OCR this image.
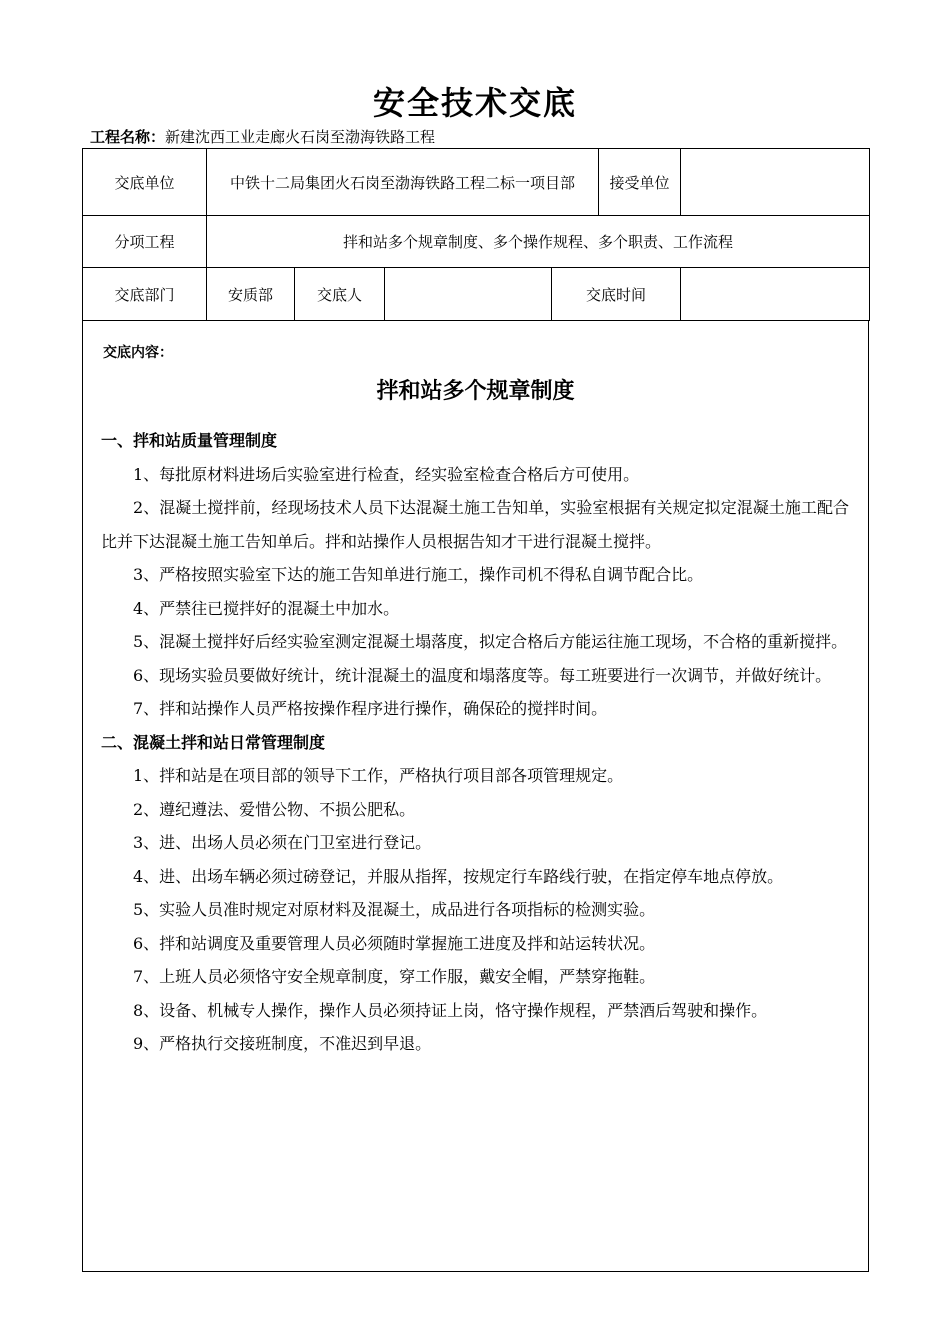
安全技术交底
工程名称：新建沈西工业走廊火石岗至渤海铁路工程
交底单位	中铁十二局集团火石岗至渤海铁路工程二标一项目部				接受单位	
分项工程	拌和站多个规章制度、多个操作规程、多个职责、工作流程					
交底部门	安质部	交底人		交底时间		
交底内容：
拌和站多个规章制度
一、拌和站质量管理制度
1、每批原材料进场后实验室进行检查，经实验室检查合格后方可使用。
2、混凝土搅拌前，经现场技术人员下达混凝土施工告知单，实验室根据有关规定拟定混凝土施工配合比并下达混凝土施工告知单后。拌和站操作人员根据告知才干进行混凝土搅拌。
3、严格按照实验室下达的施工告知单进行施工，操作司机不得私自调节配合比。
4、严禁往已搅拌好的混凝土中加水。
5、混凝土搅拌好后经实验室测定混凝土塌落度，拟定合格后方能运往施工现场，不合格的重新搅拌。
6、现场实验员要做好统计，统计混凝土的温度和塌落度等。每工班要进行一次调节，并做好统计。
7、拌和站操作人员严格按操作程序进行操作，确保砼的搅拌时间。
二、混凝土拌和站日常管理制度
1、拌和站是在项目部的领导下工作，严格执行项目部各项管理规定。
2、遵纪遵法、爱惜公物、不损公肥私。
3、进、出场人员必须在门卫室进行登记。
4、进、出场车辆必须过磅登记，并服从指挥，按规定行车路线行驶，在指定停车地点停放。
5、实验人员准时规定对原材料及混凝土，成品进行各项指标的检测实验。
6、拌和站调度及重要管理人员必须随时掌握施工进度及拌和站运转状况。
7、上班人员必须恪守安全规章制度，穿工作服，戴安全帽，严禁穿拖鞋。
8、设备、机械专人操作，操作人员必须持证上岗，恪守操作规程，严禁酒后驾驶和操作。
9、严格执行交接班制度，不准迟到早退。
